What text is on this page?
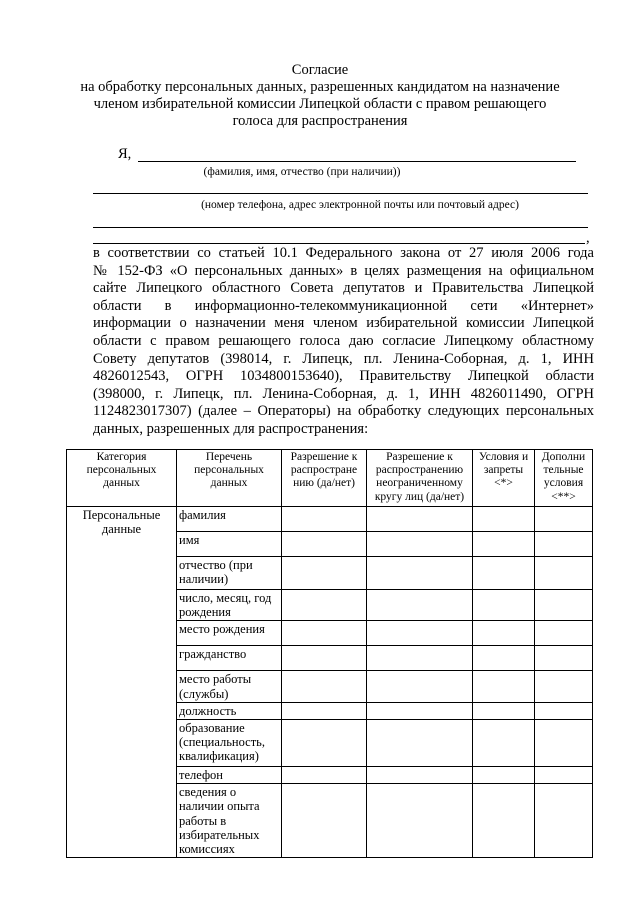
Согласие
на обработку персональных данных, разрешенных кандидатом на назначение
членом избирательной комиссии Липецкой области с правом решающего
голоса для распространения
Я,
(фамилия, имя, отчество (при наличии))
(номер телефона, адрес электронной почты или почтовый адрес)
,
в соответствии со статьей 10.1 Федерального закона от 27 июля 2006 года
№ 152-ФЗ «О персональных данных» в целях размещения на официальном
сайте Липецкого областного Совета депутатов и Правительства Липецкой
области в информационно-телекоммуникационной сети «Интернет»
информации о назначении меня членом избирательной комиссии Липецкой
области с правом решающего голоса даю согласие Липецкому областному
Совету депутатов (398014, г. Липецк, пл. Ленина-Соборная, д. 1, ИНН
4826012543, ОГРН 1034800153640), Правительству Липецкой области
(398000, г. Липецк, пл. Ленина-Соборная, д. 1, ИНН 4826011490, ОГРН
1124823017307) (далее – Операторы) на обработку следующих персональных
данных, разрешенных для распространения:
Категория персональных данных	Перечень персональных данных	Разрешение к распростране нию (да/нет)	Разрешение к распространению неограниченному кругу лиц (да/нет)	Условия и запреты <*>	Дополни тельные условия <**>
Персональные данные	фамилия				
	имя				
	отчество (при наличии)				
	число, месяц, год рождения				
	место рождения				
	гражданство				
	место работы (службы)				
	должность				
	образование (специальность, квалификация)				
	телефон				
	сведения о наличии опыта работы в избирательных комиссиях				
